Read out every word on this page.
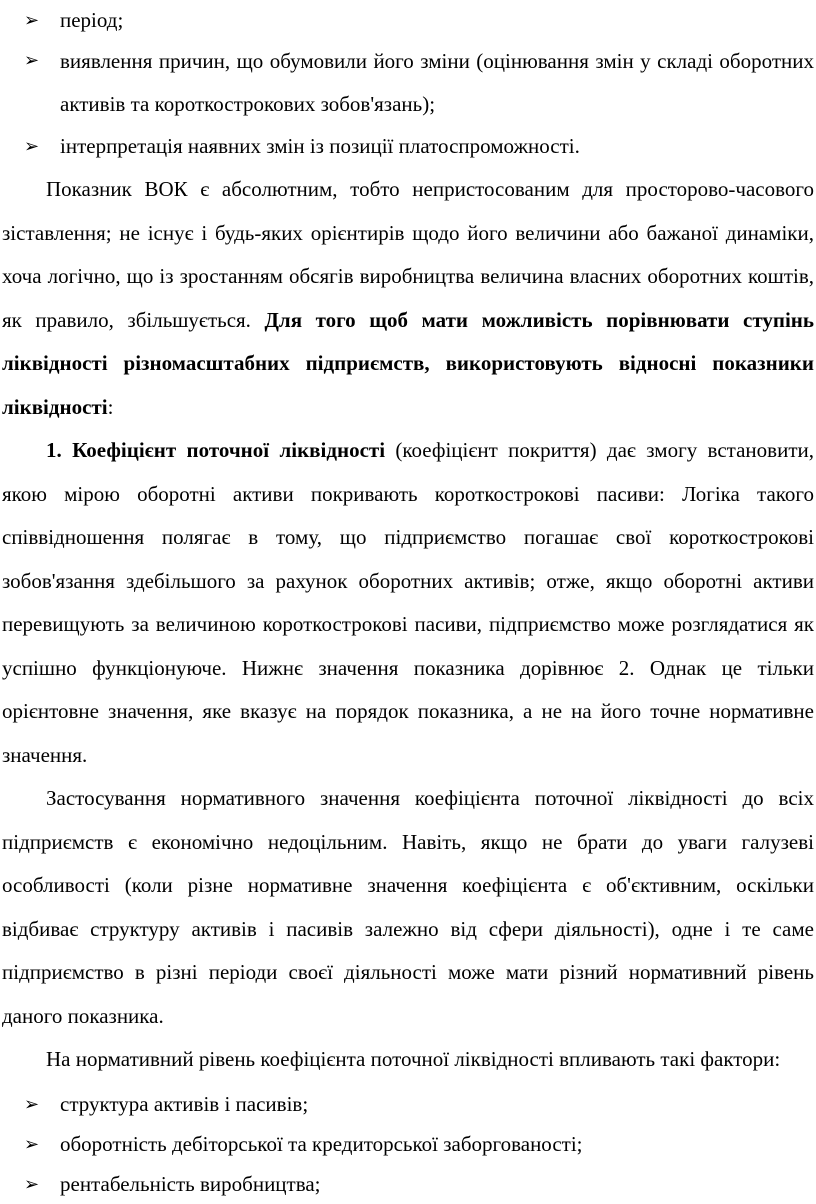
➢ період;
➢ виявлення причин, що обумовили його зміни (оцінювання змін у складі оборотних активів та короткострокових зобов'язань);
➢ інтерпретація наявних змін із позиції платоспроможності.

Показник ВОК є абсолютним, тобто непристосованим для просторово-часового зіставлення; не існує і будь-яких орієнтирів щодо його величини або бажаної динаміки, хоча логічно, що із зростанням обсягів виробництва величина власних оборотних коштів, як правило, збільшується. Для того щоб мати можливість порівнювати ступінь ліквідності різномасштабних підприємств, використовують відносні показники ліквідності:

1. Коефіцієнт поточної ліквідності (коефіцієнт покриття) дає змогу встановити, якою мірою оборотні активи покривають короткострокові пасиви: Логіка такого співвідношення полягає в тому, що підприємство погашає свої короткострокові зобов'язання здебільшого за рахунок оборотних активів; отже, якщо оборотні активи перевищують за величиною короткострокові пасиви, підприємство може розглядатися як успішно функціонуюче. Нижнє значення показника дорівнює 2. Однак це тільки орієнтовне значення, яке вказує на порядок показника, а не на його точне нормативне значення.

Застосування нормативного значення коефіцієнта поточної ліквідності до всіх підприємств є економічно недоцільним. Навіть, якщо не брати до уваги галузеві особливості (коли різне нормативне значення коефіцієнта є об'єктивним, оскільки відбиває структуру активів і пасивів залежно від сфери діяльності), одне і те саме підприємство в різні періоди своєї діяльності може мати різний нормативний рівень даного показника.

На нормативний рівень коефіцієнта поточної ліквідності впливають такі фактори:

➢ структура активів і пасивів;
➢ оборотність дебіторської та кредиторської заборгованості;
➢ рентабельність виробництва;
